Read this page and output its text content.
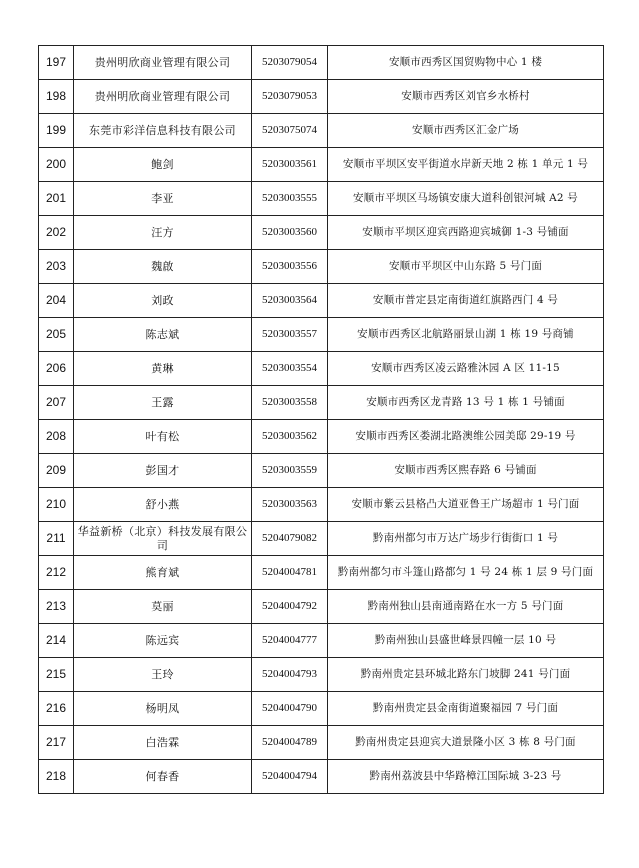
197	贵州明欣商业管理有限公司	5203079054	安顺市西秀区国贸购物中心 1 楼
198	贵州明欣商业管理有限公司	5203079053	安顺市西秀区刘官乡水桥村
199	东莞市彩洋信息科技有限公司	5203075074	安顺市西秀区汇金广场
200	鲍剑	5203003561	安顺市平坝区安平街道水岸新天地 2 栋 1 单元 1 号
201	李亚	5203003555	安顺市平坝区马场镇安康大道科创银河城 A2 号
202	汪方	5203003560	安顺市平坝区迎宾西路迎宾城御 1-3 号铺面
203	魏啟	5203003556	安顺市平坝区中山东路 5 号门面
204	刘政	5203003564	安顺市普定县定南街道红旗路西门 4 号
205	陈志斌	5203003557	安顺市西秀区北航路丽景山湖 1 栋 19 号商铺
206	黄琳	5203003554	安顺市西秀区凌云路雅沐园 A 区 11-15
207	王露	5203003558	安顺市西秀区龙青路 13 号 1 栋 1 号铺面
208	叶有松	5203003562	安顺市西秀区娄湖北路澳维公园美邸 29-19 号
209	彭国才	5203003559	安顺市西秀区熙春路 6 号铺面
210	舒小燕	5203003563	安顺市紫云县格凸大道亚鲁王广场超市 1 号门面
211	华益新桥（北京）科技发展有限公司	5204079082	黔南州都匀市万达广场步行街街口 1 号
212	熊育斌	5204004781	黔南州都匀市斗篷山路都匀 1 号 24 栋 1 层 9 号门面
213	莫丽	5204004792	黔南州独山县南通南路在水一方 5 号门面
214	陈远宾	5204004777	黔南州独山县盛世峰景四幢一层 10 号
215	王玲	5204004793	黔南州贵定县环城北路东门坡脚 241 号门面
216	杨明凤	5204004790	黔南州贵定县金南街道聚福园 7 号门面
217	白浩霖	5204004789	黔南州贵定县迎宾大道景隆小区 3 栋 8 号门面
218	何春香	5204004794	黔南州荔波县中华路樟江国际城 3-23 号
